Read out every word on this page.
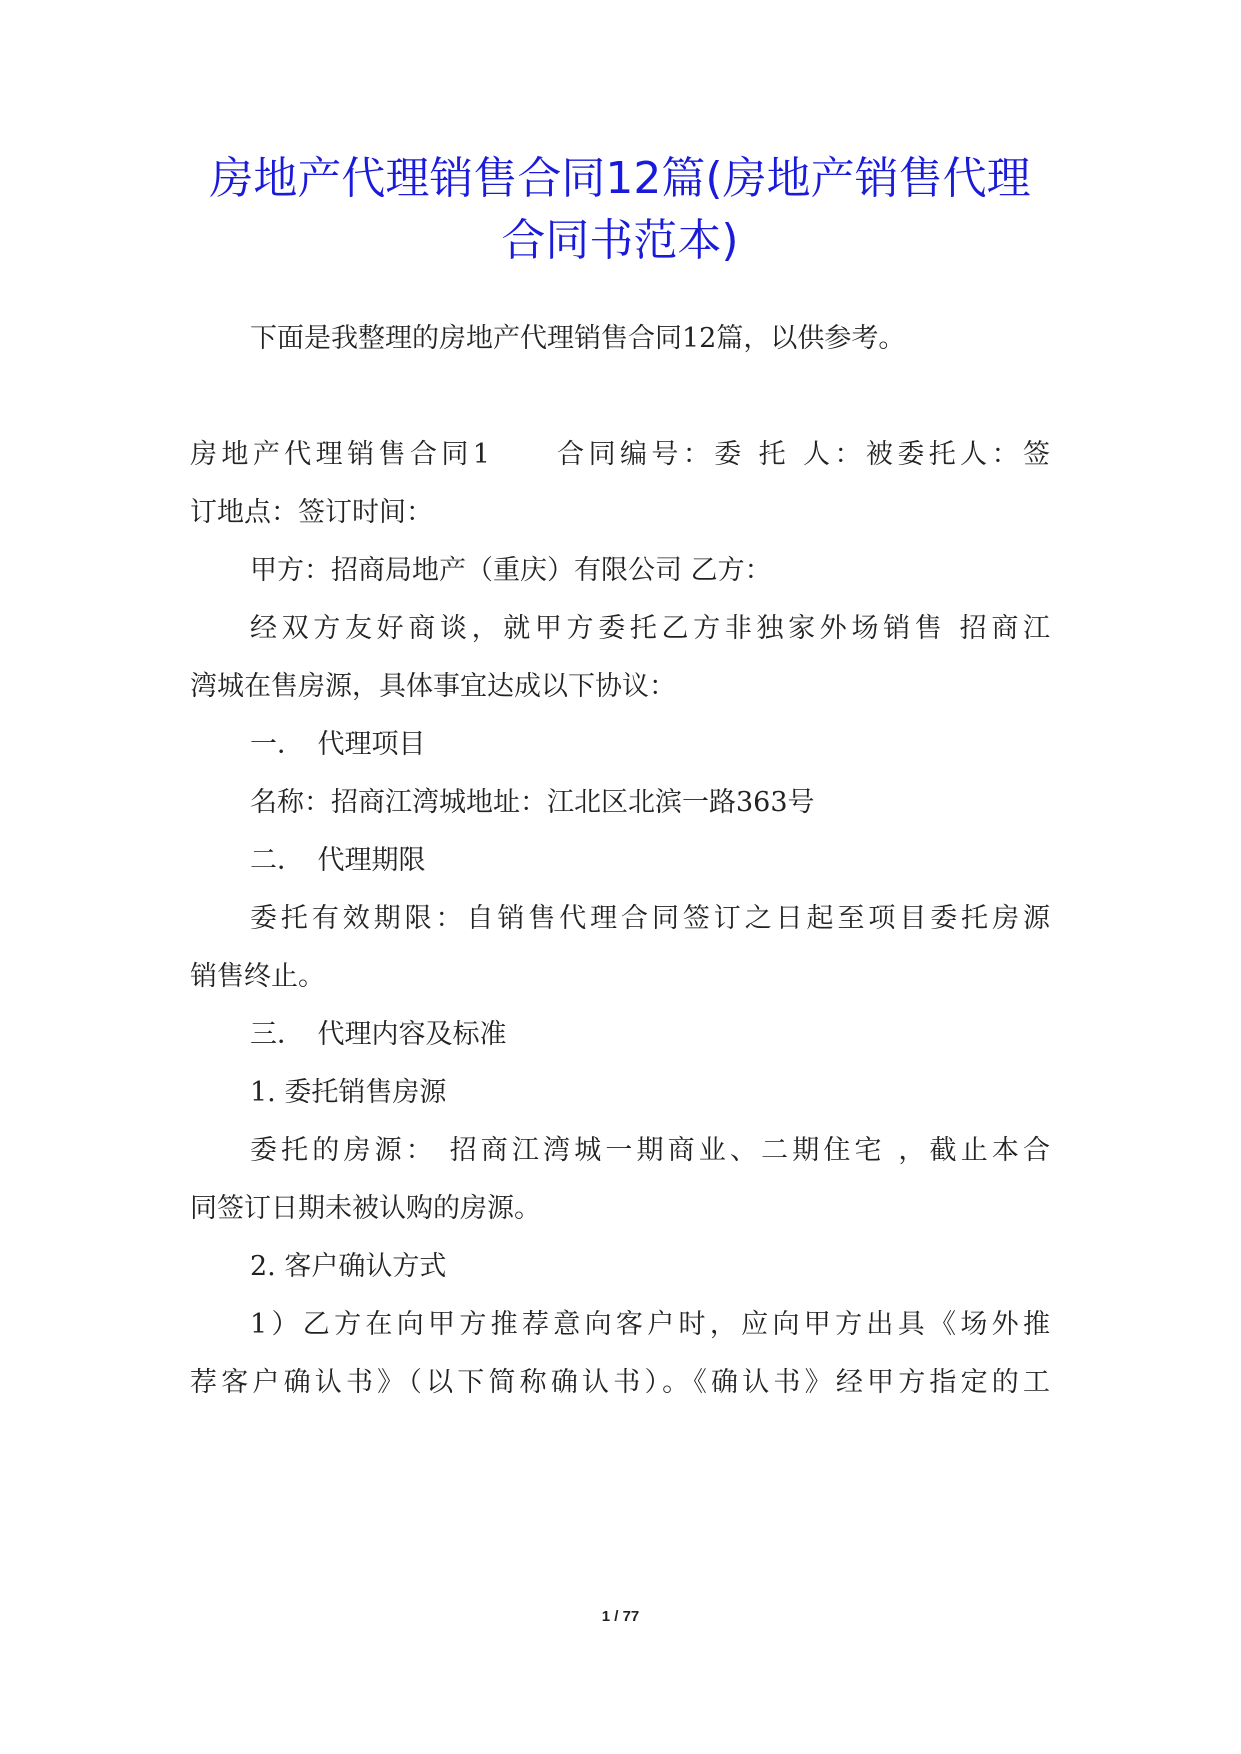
房地产代理销售合同12篇(房地产销售代理
合同书范本)
下面是我整理的房地产代理销售合同12篇，以供参考。
房地产代理销售合同1　　合同编号：委 托 人：被委托人：签
订地点：签订时间：
甲方：招商局地产（重庆）有限公司 乙方：
经双方友好商谈，就甲方委托乙方非独家外场销售 招商江
湾城在售房源，具体事宜达成以下协议：
一．　代理项目
名称：招商江湾城地址：江北区北滨一路363号
二．　代理期限
委托有效期限：自销售代理合同签订之日起至项目委托房源
销售终止。
三．　代理内容及标准
1. 委托销售房源
委托的房源： 招商江湾城一期商业、二期住宅 ，截止本合
同签订日期未被认购的房源。
2. 客户确认方式
1）乙方在向甲方推荐意向客户时，应向甲方出具《场外推
荐客户确认书》（以下简称确认书）。《确认书》经甲方指定的工
1 / 77
